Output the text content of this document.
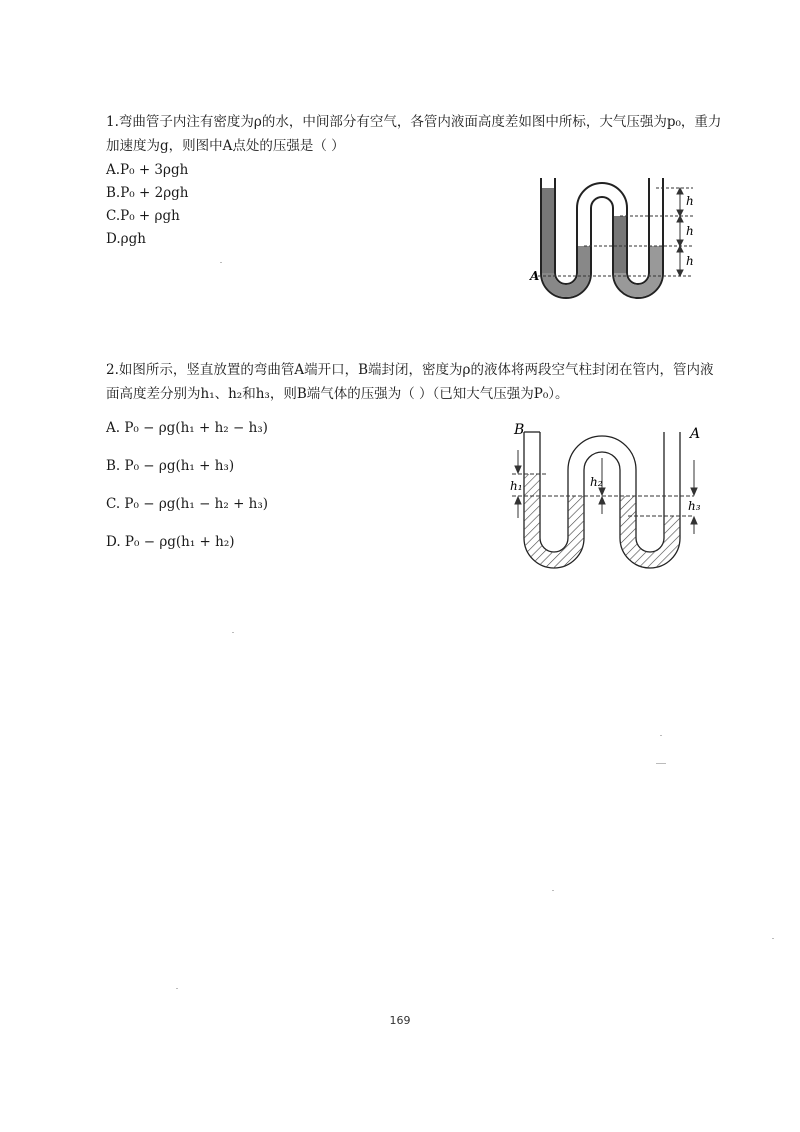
1.弯曲管子内注有密度为ρ的水，中间部分有空气，各管内液面高度差如图中所标，大气压强为p₀，重力加速度为g，则图中A点处的压强是（ ）
A.P₀ + 3ρgh
B.P₀ + 2ρgh
C.P₀ + ρgh
D.ρgh
h
h
h
A
2.如图所示，竖直放置的弯曲管A端开口，B端封闭，密度为ρ的液体将两段空气柱封闭在管内，管内液面高度差分别为h₁、h₂和h₃，则B端气体的压强为（ ）（已知大气压强为P₀）。
A. P₀ − ρg(h₁ + h₂ − h₃)
B. P₀ − ρg(h₁ + h₃)
C. P₀ − ρg(h₁ − h₂ + h₃)
D. P₀ − ρg(h₁ + h₂)
B	A
h₁	h₂
h₃
169
